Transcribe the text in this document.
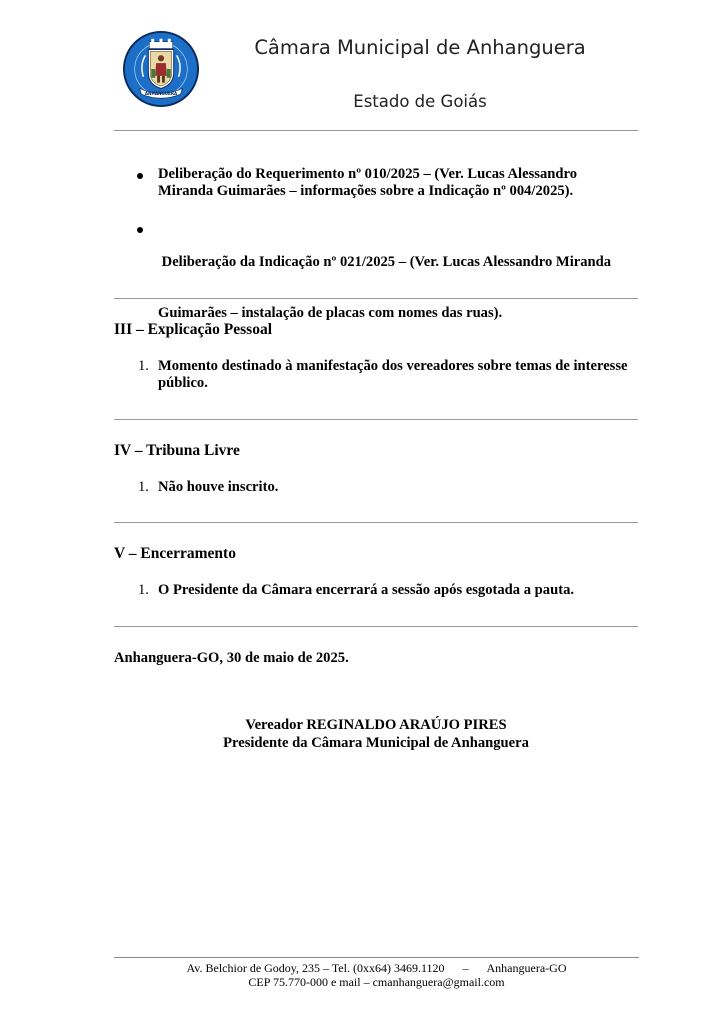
ANHANGUERA
Câmara Municipal de Anhanguera
Estado de Goiás
Deliberação do Requerimento nº 010/2025 – (Ver. Lucas Alessandro
Miranda Guimarães – informações sobre a Indicação nº 004/2025).

Deliberação da Indicação nº 021/2025 – (Ver. Lucas Alessandro Miranda

Guimarães – instalação de placas com nomes das ruas).

III – Explicação Pessoal
1. Momento destinado à manifestação dos vereadores sobre temas de interesse
público.
IV – Tribuna Livre
1. Não houve inscrito.
V – Encerramento
1. O Presidente da Câmara encerrará a sessão após esgotada a pauta.
Anhanguera-GO, 30 de maio de 2025.
Vereador REGINALDO ARAÚJO PIRES
Presidente da Câmara Municipal de Anhanguera
Av. Belchior de Godoy, 235 – Tel. (0xx64) 3469.1120 – Anhanguera-GO
CEP 75.770-000 e mail – cmanhanguera@gmail.com
